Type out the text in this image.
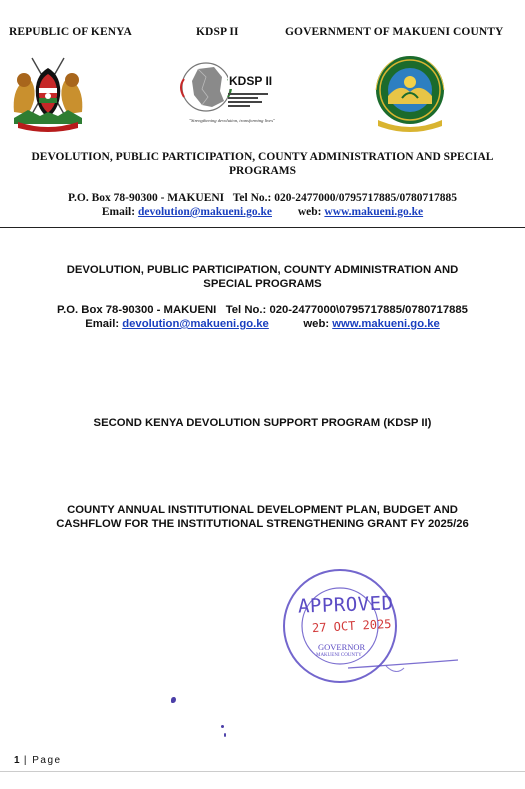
REPUBLIC OF KENYA	KDSP II	GOVERNMENT OF MAKUENI COUNTY
KDSP II
"Strengthening devolution, transforming lives"
DEVOLUTION, PUBLIC PARTICIPATION, COUNTY ADMINISTRATION AND SPECIAL
PROGRAMS
P.O. Box 78-90300 - MAKUENI Tel No.: 020-2477000/0795717885/0780717885
Email: devolution@makueni.go.ke web: www.makueni.go.ke
DEVOLUTION, PUBLIC PARTICIPATION, COUNTY ADMINISTRATION AND
SPECIAL PROGRAMS
P.O. Box 78-90300 - MAKUENI Tel No.: 020-2477000\0795717885/0780717885
Email: devolution@makueni.go.ke	web: www.makueni.go.ke
SECOND KENYA DEVOLUTION SUPPORT PROGRAM (KDSP II)
COUNTY ANNUAL INSTITUTIONAL DEVELOPMENT PLAN, BUDGET AND
CASHFLOW FOR THE INSTITUTIONAL STRENGTHENING GRANT FY 2025/26
APPROVED
27 OCT 2025
GOVERNOR
MAKUENI COUNTY
1 | Page
